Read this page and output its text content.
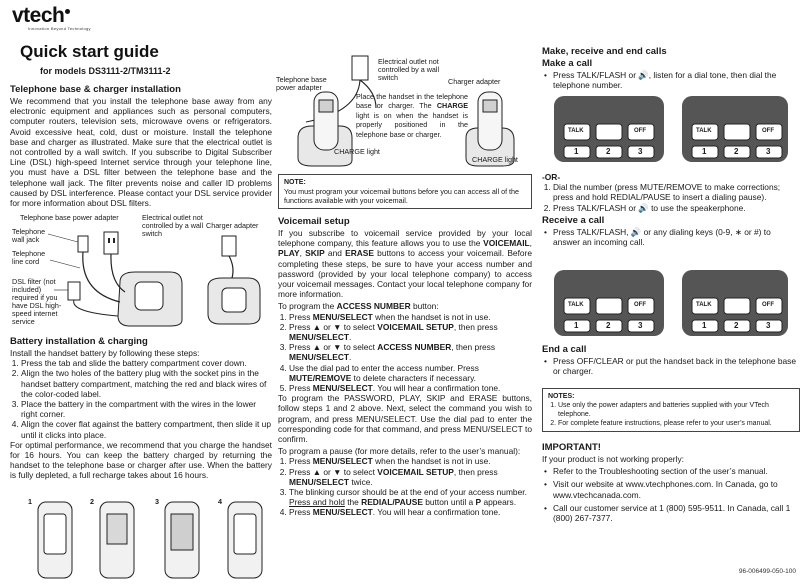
vtech
Innovation Beyond Technology
Quick start guide
for models DS3111-2/TM3111-2
Telephone base & charger installation

We recommend that you install the telephone base away from any electronic equipment and appliances such as personal computers, computer routers, television sets, microwave ovens or refrigerators. Avoid excessive heat, cold, dust or moisture. Install the telephone base and charger as illustrated. Make sure that the electrical outlet is not controlled by a wall switch. If you subscribe to Digital Subscriber Line (DSL) high-speed Internet service through your telephone line, you must have a DSL filter between the telephone base and the telephone wall jack. The filter prevents noise and caller ID problems caused by DSL interference. Please contact your DSL service provider for more information about DSL filters.

Telephone base power adapter	Electrical outlet not controlled by a wall switch
Charger adapter
Telephone wall jack
Telephone line cord
DSL filter (not included) required if you have DSL high-speed internet service
Battery installation & charging

Install the handset battery by following these steps:

1. Press the tab and slide the battery compartment cover down.
2. Align the two holes of the battery plug with the socket pins in the handset battery compartment, matching the red and black wires of the color-coded label.
3. Place the battery in the compartment with the wires in the lower right corner.
4. Align the cover flat against the battery compartment, then slide it up until it clicks into place.

For optimal performance, we recommend that you charge the handset for 16 hours. You can keep the battery charged by returning the handset to the telephone base or charger after use. When the battery is fully depleted, a full recharge takes about 16 hours.

1	2	3	4
Telephone base power adapter
Electrical outlet not controlled by a wall switch	Charger adapter
Place the handset in the telephone base or charger. The CHARGE light is on when the handset is properly positioned in the telephone base or charger.
CHARGE light
CHARGE light
NOTE:
You must program your voicemail buttons before you can access all of the functions available with your voicemail.
Voicemail setup

If you subscribe to voicemail service provided by your local telephone company, this feature allows you to use the VOICEMAIL, PLAY, SKIP and ERASE buttons to access your voicemail. Before completing these steps, be sure to have your access number and password (provided by your local telephone company) to access your voicemail messages. Contact your local telephone company for more information.

To program the ACCESS NUMBER button:

1. Press MENU/SELECT when the handset is not in use.
2. Press ▲ or ▼ to select VOICEMAIL SETUP, then press MENU/SELECT.
3. Press ▲ or ▼ to select ACCESS NUMBER, then press MENU/SELECT.
4. Use the dial pad to enter the access number. Press MUTE/REMOVE to delete characters if necessary.
5. Press MENU/SELECT. You will hear a confirmation tone.

To program the PASSWORD, PLAY, SKIP and ERASE buttons, follow steps 1 and 2 above. Next, select the command you wish to program, and press MENU/SELECT. Use the dial pad to enter the corresponding code for that command, and press MENU/SELECT to confirm.

To program a pause (for more details, refer to the user’s manual):

1. Press MENU/SELECT when the handset is not in use.
2. Press ▲ or ▼ to select VOICEMAIL SETUP, then press MENU/SELECT twice.
3. The blinking cursor should be at the end of your access number. Press and hold the REDIAL/PAUSE button until a P appears.
4. Press MENU/SELECT. You will hear a confirmation tone.
Make, receive and end calls
Make a call
• Press TALK/FLASH or 🔊, listen for a dial tone, then dial the telephone number.
TALK	OFF
1	2	3
TALK	OFF
1	2	3

-OR-

1. Dial the number (press MUTE/REMOVE to make corrections; press and hold REDIAL/PAUSE to insert a dialing pause).
2. Press TALK/FLASH or 🔊 to use the speakerphone.
Receive a call
• Press TALK/FLASH, 🔊 or any dialing keys (0-9, ∗ or #) to answer an incoming call.
TALK	OFF
1	2	3
TALK	OFF
1	2	3
End a call
• Press OFF/CLEAR or put the handset back in the telephone base or charger.
NOTES:
1. Use only the power adapters and batteries supplied with your VTech telephone.
2. For complete feature instructions, please refer to your user’s manual.
IMPORTANT!

If your product is not working properly:

• Refer to the Troubleshooting section of the user’s manual.
• Visit our website at www.vtechphones.com. In Canada, go to www.vtechcanada.com.
• Call our customer service at 1 (800) 595-9511. In Canada, call 1 (800) 267-7377.
96-006499-050-100
